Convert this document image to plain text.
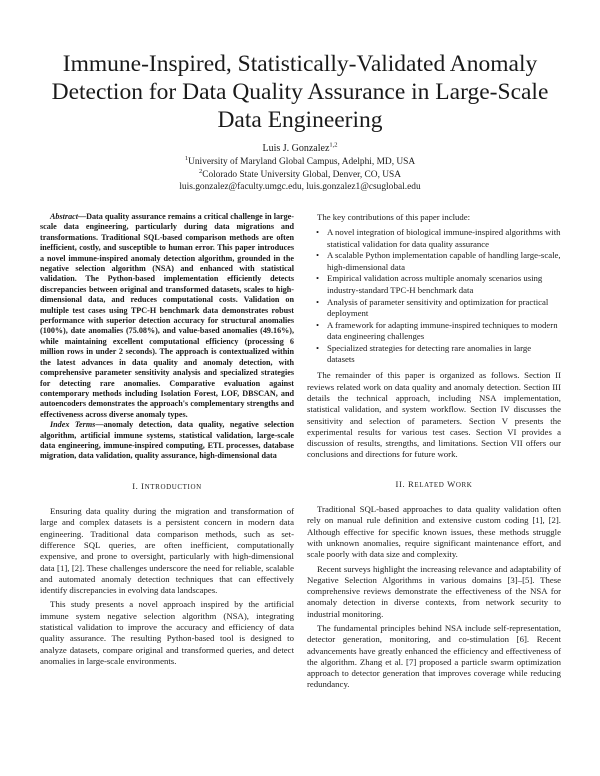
Immune-Inspired, Statistically-Validated Anomaly
Detection for Data Quality Assurance in Large-Scale
Data Engineering
Luis J. Gonzalez$^{1,2}$
$^1$University of Maryland Global Campus, Adelphi, MD, USA
$^2$Colorado State University Global, Denver, CO, USA
luis.gonzalez@faculty.umgc.edu, luis.gonzalez1@csuglobal.edu

Abstract—Data quality assurance remains a critical challenge in large-scale data engineering, particularly during data migrations and transformations. Traditional SQL-based comparison methods are often inefficient, costly, and susceptible to human error. This paper introduces a novel immune-inspired anomaly detection algorithm, grounded in the negative selection algorithm (NSA) and enhanced with statistical validation. The Python-based implementation efficiently detects discrepancies between original and transformed datasets, scales to high-dimensional data, and reduces computational costs. Validation on multiple test cases using TPC-H benchmark data demonstrates robust performance with superior detection accuracy for structural anomalies (100%), date anomalies (75.08%), and value-based anomalies (49.16%), while maintaining excellent computational efficiency (processing 6 million rows in under 2 seconds). The approach is contextualized within the latest advances in data quality and anomaly detection, with comprehensive parameter sensitivity analysis and specialized strategies for detecting rare anomalies. Comparative evaluation against contemporary methods including Isolation Forest, LOF, DBSCAN, and autoencoders demonstrates the approach's complementary strengths and effectiveness across diverse anomaly types.

Index Terms—anomaly detection, data quality, negative selection algorithm, artificial immune systems, statistical validation, large-scale data engineering, immune-inspired computing, ETL processes, database migration, data validation, quality assurance, high-dimensional data

I. INTRODUCTION

Ensuring data quality during the migration and transformation of large and complex datasets is a persistent concern in modern data engineering. Traditional data comparison methods, such as set-difference SQL queries, are often inefficient, computationally expensive, and prone to oversight, particularly with high-dimensional data [1], [2]. These challenges underscore the need for reliable, scalable and automated anomaly detection techniques that can effectively identify discrepancies in evolving data landscapes.

This study presents a novel approach inspired by the artificial immune system negative selection algorithm (NSA), integrating statistical validation to improve the accuracy and efficiency of data quality assurance. The resulting Python-based tool is designed to analyze datasets, compare original and transformed queries, and detect anomalies in large-scale environments.

The key contributions of this paper include:

• A novel integration of biological immune-inspired algorithms with statistical validation for data quality assurance
• A scalable Python implementation capable of handling large-scale, high-dimensional data
• Empirical validation across multiple anomaly scenarios using industry-standard TPC-H benchmark data
• Analysis of parameter sensitivity and optimization for practical deployment
• A framework for adapting immune-inspired techniques to modern data engineering challenges
• Specialized strategies for detecting rare anomalies in large datasets

The remainder of this paper is organized as follows. Section II reviews related work on data quality and anomaly detection. Section III details the technical approach, including NSA implementation, statistical validation, and system workflow. Section IV discusses the sensitivity and selection of parameters. Section V presents the experimental results for various test cases. Section VI provides a discussion of results, strengths, and limitations. Section VII offers our conclusions and directions for future work.

II. RELATED WORK

Traditional SQL-based approaches to data quality validation often rely on manual rule definition and extensive custom coding [1], [2]. Although effective for specific known issues, these methods struggle with unknown anomalies, require significant maintenance effort, and scale poorly with data size and complexity.

Recent surveys highlight the increasing relevance and adaptability of Negative Selection Algorithms in various domains [3]–[5]. These comprehensive reviews demonstrate the effectiveness of the NSA for anomaly detection in diverse contexts, from network security to industrial monitoring.

The fundamental principles behind NSA include self-representation, detector generation, monitoring, and co-stimulation [6]. Recent advancements have greatly enhanced the efficiency and effectiveness of the algorithm. Zhang et al. [7] proposed a particle swarm optimization approach to detector generation that improves coverage while reducing redundancy.
